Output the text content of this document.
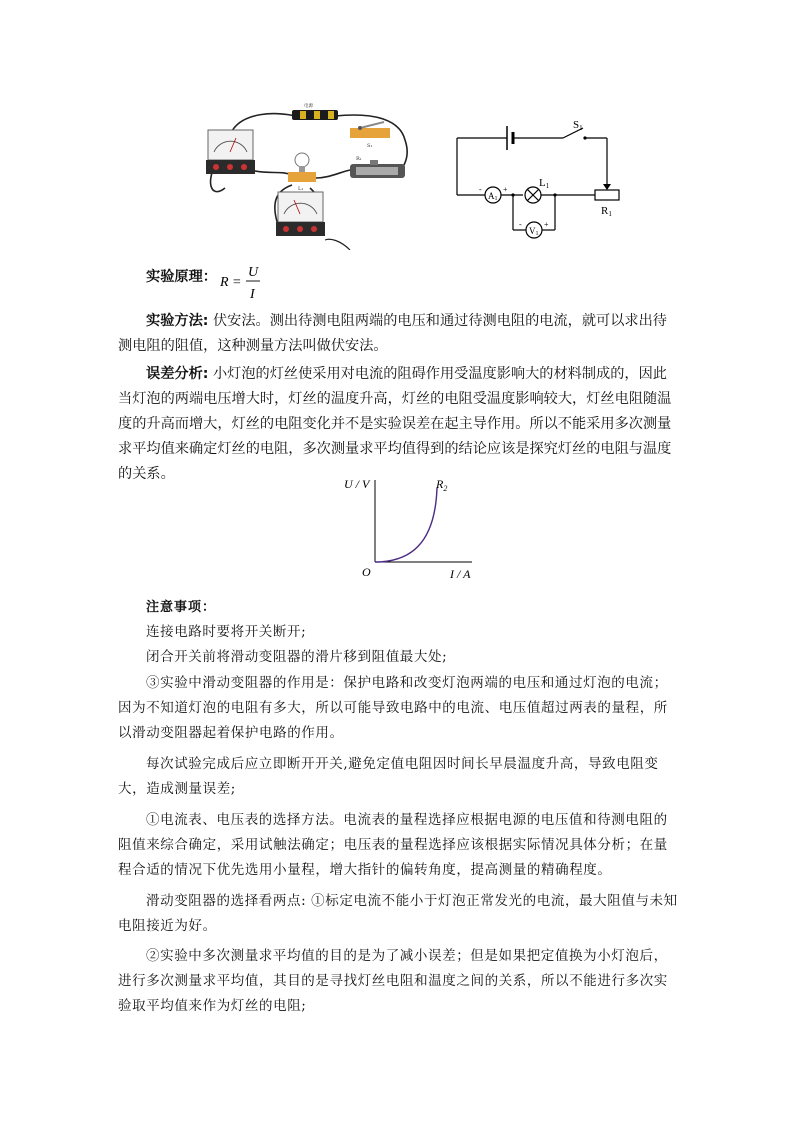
电源
S₁
L₁
R₁
S1
R1
A1
-	+
L1
V1
-	+
实验原理： R =
U
I
实验方法: 伏安法。测出待测电阻两端的电压和通过待测电阻的电流，就可以求出待测电阻的阻值，这种测量方法叫做伏安法。
误差分析: 小灯泡的灯丝使采用对电流的阻碍作用受温度影响大的材料制成的，因此当灯泡的两端电压增大时，灯丝的温度升高，灯丝的电阻受温度影响较大，灯丝电阻随温度的升高而增大，灯丝的电阻变化并不是实验误差在起主导作用。所以不能采用多次测量求平均值来确定灯丝的电阻，多次测量求平均值得到的结论应该是探究灯丝的电阻与温度的关系。
U / V
I / A
O
$R_2$
注意事项：
连接电路时要将开关断开;
闭合开关前将滑动变阻器的滑片移到阻值最大处;
③实验中滑动变阻器的作用是：保护电路和改变灯泡两端的电压和通过灯泡的电流；因为不知道灯泡的电阻有多大，所以可能导致电路中的电流、电压值超过两表的量程，所以滑动变阻器起着保护电路的作用。
每次试验完成后应立即断开开关,避免定值电阻因时间长早晨温度升高，导致电阻变大，造成测量误差;
①电流表、电压表的选择方法。电流表的量程选择应根据电源的电压值和待测电阻的阻值来综合确定，采用试触法确定；电压表的量程选择应该根据实际情况具体分析；在量程合适的情况下优先选用小量程，增大指针的偏转角度，提高测量的精确程度。
滑动变阻器的选择看两点: ①标定电流不能小于灯泡正常发光的电流，最大阻值与未知电阻接近为好。
②实验中多次测量求平均值的目的是为了减小误差；但是如果把定值换为小灯泡后，进行多次测量求平均值，其目的是寻找灯丝电阻和温度之间的关系，所以不能进行多次实验取平均值来作为灯丝的电阻;
